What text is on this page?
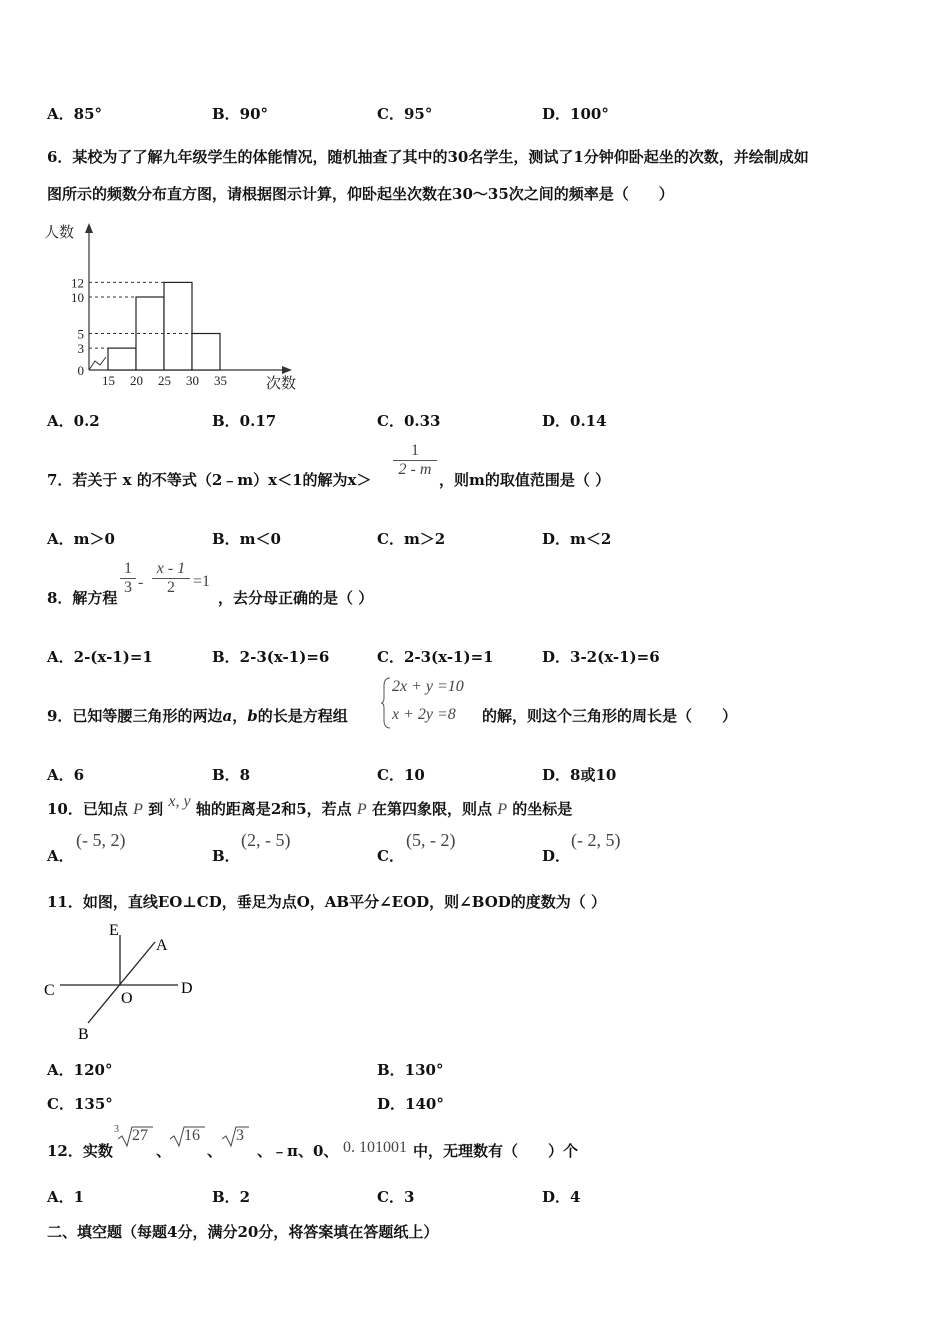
A．85°	B．90°	C．95°	D．100°
6．某校为了了解九年级学生的体能情况，随机抽查了其中的30名学生，测试了1分钟仰卧起坐的次数，并绘制成如
图所示的频数分布直方图，请根据图示计算，仰卧起坐次数在30～35次之间的频率是（　　）
人数
次数
0
3
5
10
12
15 20 25 30 35
A．0.2	B．0.17	C．0.33	D．0.14
7．若关于 x 的不等式（2﹣m）x＜1的解为x＞
$\frac{1}{2 - m}$
，则m的取值范围是（ ）
A．m＞0	B．m＜0	C．m＞2	D．m＜2
8．解方程
$\frac{1}{3} - \frac{x - 1}{2} =1$
，去分母正确的是（ ）
A．2-(x-1)=1	B．2-3(x-1)=6	C．2-3(x-1)=1	D．3-2(x-1)=6
9．已知等腰三角形的两边a，b的长是方程组
2x + y =10
x + 2y =8 的解，则这个三角形的周长是（　　）
A．6	B．8	C．10	D．8或10
10．已知点 P 到 x, y 轴的距离是2和5，若点 P 在第四象限，则点 P 的坐标是
A．
(- 5, 2)
B．
(2, - 5)
C．
(5, - 2)
D．
(- 2, 5)
11．如图，直线EO⊥CD，垂足为点O，AB平分∠EOD，则∠BOD的度数为（ ）
E
A
C	O
D
B
A．120°	B．130°
C．135°	D．140°
12．实数
3 27
、
16
、
3
、﹣π、0、 0. 101001 中，无理数有（　　）个
A．1	B．2	C．3	D．4
二、填空题（每题4分，满分20分，将答案填在答题纸上）
